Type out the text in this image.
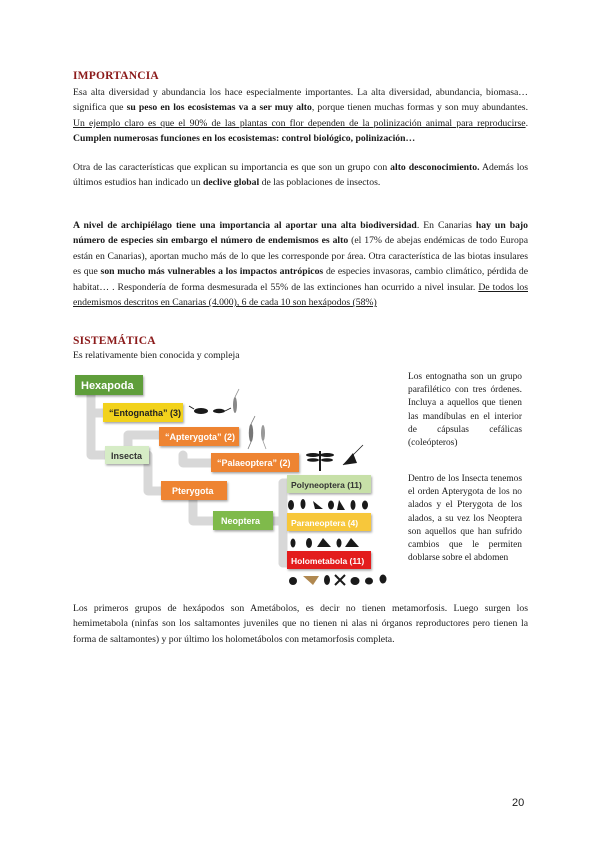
IMPORTANCIA
Esa alta diversidad y abundancia los hace especialmente importantes. La alta diversidad, abundancia, biomasa… significa que su peso en los ecosistemas va a ser muy alto, porque tienen muchas formas y son muy abundantes. Un ejemplo claro es que el 90% de las plantas con flor dependen de la polinización animal para reproducirse. Cumplen numerosas funciones en los ecosistemas: control biológico, polinización…
Otra de las características que explican su importancia es que son un grupo con alto desconocimiento. Además los últimos estudios han indicado un declive global de las poblaciones de insectos.
A nivel de archipiélago tiene una importancia al aportar una alta biodiversidad. En Canarias hay un bajo número de especies sin embargo el número de endemismos es alto (el 17% de abejas endémicas de todo Europa están en Canarias), aportan mucho más de lo que les corresponde por área. Otra característica de las biotas insulares es que son mucho más vulnerables a los impactos antrópicos de especies invasoras, cambio climático, pérdida de habitat… . Respondería de forma desmesurada el 55% de las extinciones han ocurrido a nivel insular. De todos los endemismos descritos en Canarias (4.000), 6 de cada 10 son hexápodos (58%)
SISTEMÁTICA
Es relativamente bien conocida y compleja
Hexapoda
“Entognatha” (3)
Insecta
“Apterygota” (2)
“Palaeoptera” (2)
Pterygota
Neoptera
Polyneoptera (11)
Paraneoptera (4)
Holometabola (11)
Los entognatha son un grupo parafilético con tres órdenes. Incluya a aquellos que tienen las mandíbulas en el interior de cápsulas cefálicas (coleópteros)
Dentro de los Insecta tenemos el orden Apterygota de los no alados y el Pterygota de los alados, a su vez los Neoptera son aquellos que han sufrido cambios que le permiten doblarse sobre el abdomen
Los primeros grupos de hexápodos son Ametábolos, es decir no tienen metamorfosis. Luego surgen los hemimetabola (ninfas son los saltamontes juveniles que no tienen ni alas ni órganos reproductores pero tienen la forma de saltamontes) y por último los holometábolos con metamorfosis completa.
20
